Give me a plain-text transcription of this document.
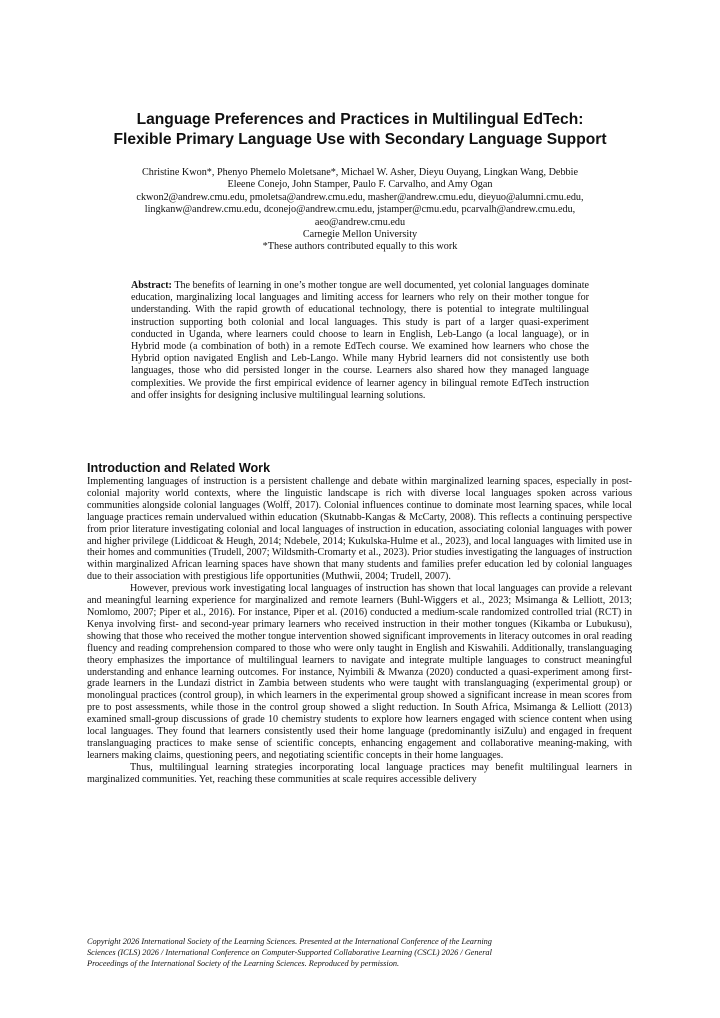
Language Preferences and Practices in Multilingual EdTech:
Flexible Primary Language Use with Secondary Language Support
Christine Kwon*, Phenyo Phemelo Moletsane*, Michael W. Asher, Dieyu Ouyang, Lingkan Wang, Debbie
Eleene Conejo, John Stamper, Paulo F. Carvalho, and Amy Ogan
ckwon2@andrew.cmu.edu, pmoletsa@andrew.cmu.edu, masher@andrew.cmu.edu, dieyuo@alumni.cmu.edu,
lingkanw@andrew.cmu.edu, dconejo@andrew.cmu.edu, jstamper@cmu.edu, pcarvalh@andrew.cmu.edu,
aeo@andrew.cmu.edu
Carnegie Mellon University
*These authors contributed equally to this work

Abstract: The benefits of learning in one’s mother tongue are well documented, yet colonial languages dominate education, marginalizing local languages and limiting access for learners who rely on their mother tongue for understanding. With the rapid growth of educational technology, there is potential to integrate multilingual instruction supporting both colonial and local languages. This study is part of a larger quasi-experiment conducted in Uganda, where learners could choose to learn in English, Leb-Lango (a local language), or in Hybrid mode (a combination of both) in a remote EdTech course. We examined how learners who chose the Hybrid option navigated English and Leb-Lango. While many Hybrid learners did not consistently use both languages, those who did persisted longer in the course. Learners also shared how they managed language complexities. We provide the first empirical evidence of learner agency in bilingual remote EdTech instruction and offer insights for designing inclusive multilingual learning solutions.

Introduction and Related Work

Implementing languages of instruction is a persistent challenge and debate within marginalized learning spaces, especially in post-colonial majority world contexts, where the linguistic landscape is rich with diverse local languages spoken across various communities alongside colonial languages (Wolff, 2017). Colonial influences continue to dominate most learning spaces, while local language practices remain undervalued within education (Skutnabb-Kangas & McCarty, 2008). This reflects a continuing perspective from prior literature investigating colonial and local languages of instruction in education, associating colonial languages with power and higher privilege (Liddicoat & Heugh, 2014; Ndebele, 2014; Kukulska-Hulme et al., 2023), and local languages with limited use in their homes and communities (Trudell, 2007; Wildsmith-Cromarty et al., 2023). Prior studies investigating the languages of instruction within marginalized African learning spaces have shown that many students and families prefer education led by colonial languages due to their association with prestigious life opportunities (Muthwii, 2004; Trudell, 2007).

However, previous work investigating local languages of instruction has shown that local languages can provide a relevant and meaningful learning experience for marginalized and remote learners (Buhl-Wiggers et al., 2023; Msimanga & Lelliott, 2013; Nomlomo, 2007; Piper et al., 2016). For instance, Piper et al. (2016) conducted a medium-scale randomized controlled trial (RCT) in Kenya involving first- and second-year primary learners who received instruction in their mother tongues (Kikamba or Lubukusu), showing that those who received the mother tongue intervention showed significant improvements in literacy outcomes in oral reading fluency and reading comprehension compared to those who were only taught in English and Kiswahili. Additionally, translanguaging theory emphasizes the importance of multilingual learners to navigate and integrate multiple languages to construct meaningful understanding and enhance learning outcomes. For instance, Nyimbili & Mwanza (2020) conducted a quasi-experiment among first-grade learners in the Lundazi district in Zambia between students who were taught with translanguaging (experimental group) or monolingual practices (control group), in which learners in the experimental group showed a significant increase in mean scores from pre to post assessments, while those in the control group showed a slight reduction. In South Africa, Msimanga & Lelliott (2013) examined small-group discussions of grade 10 chemistry students to explore how learners engaged with science content when using local languages. They found that learners consistently used their home language (predominantly isiZulu) and engaged in frequent translanguaging practices to make sense of scientific concepts, enhancing engagement and collaborative meaning-making, with learners making claims, questioning peers, and negotiating scientific concepts in their home languages.

Thus, multilingual learning strategies incorporating local language practices may benefit multilingual learners in marginalized communities. Yet, reaching these communities at scale requires accessible delivery

Copyright 2026 International Society of the Learning Sciences. Presented at the International Conference of the Learning
Sciences (ICLS) 2026 / International Conference on Computer-Supported Collaborative Learning (CSCL) 2026 / General
Proceedings of the International Society of the Learning Sciences. Reproduced by permission.
